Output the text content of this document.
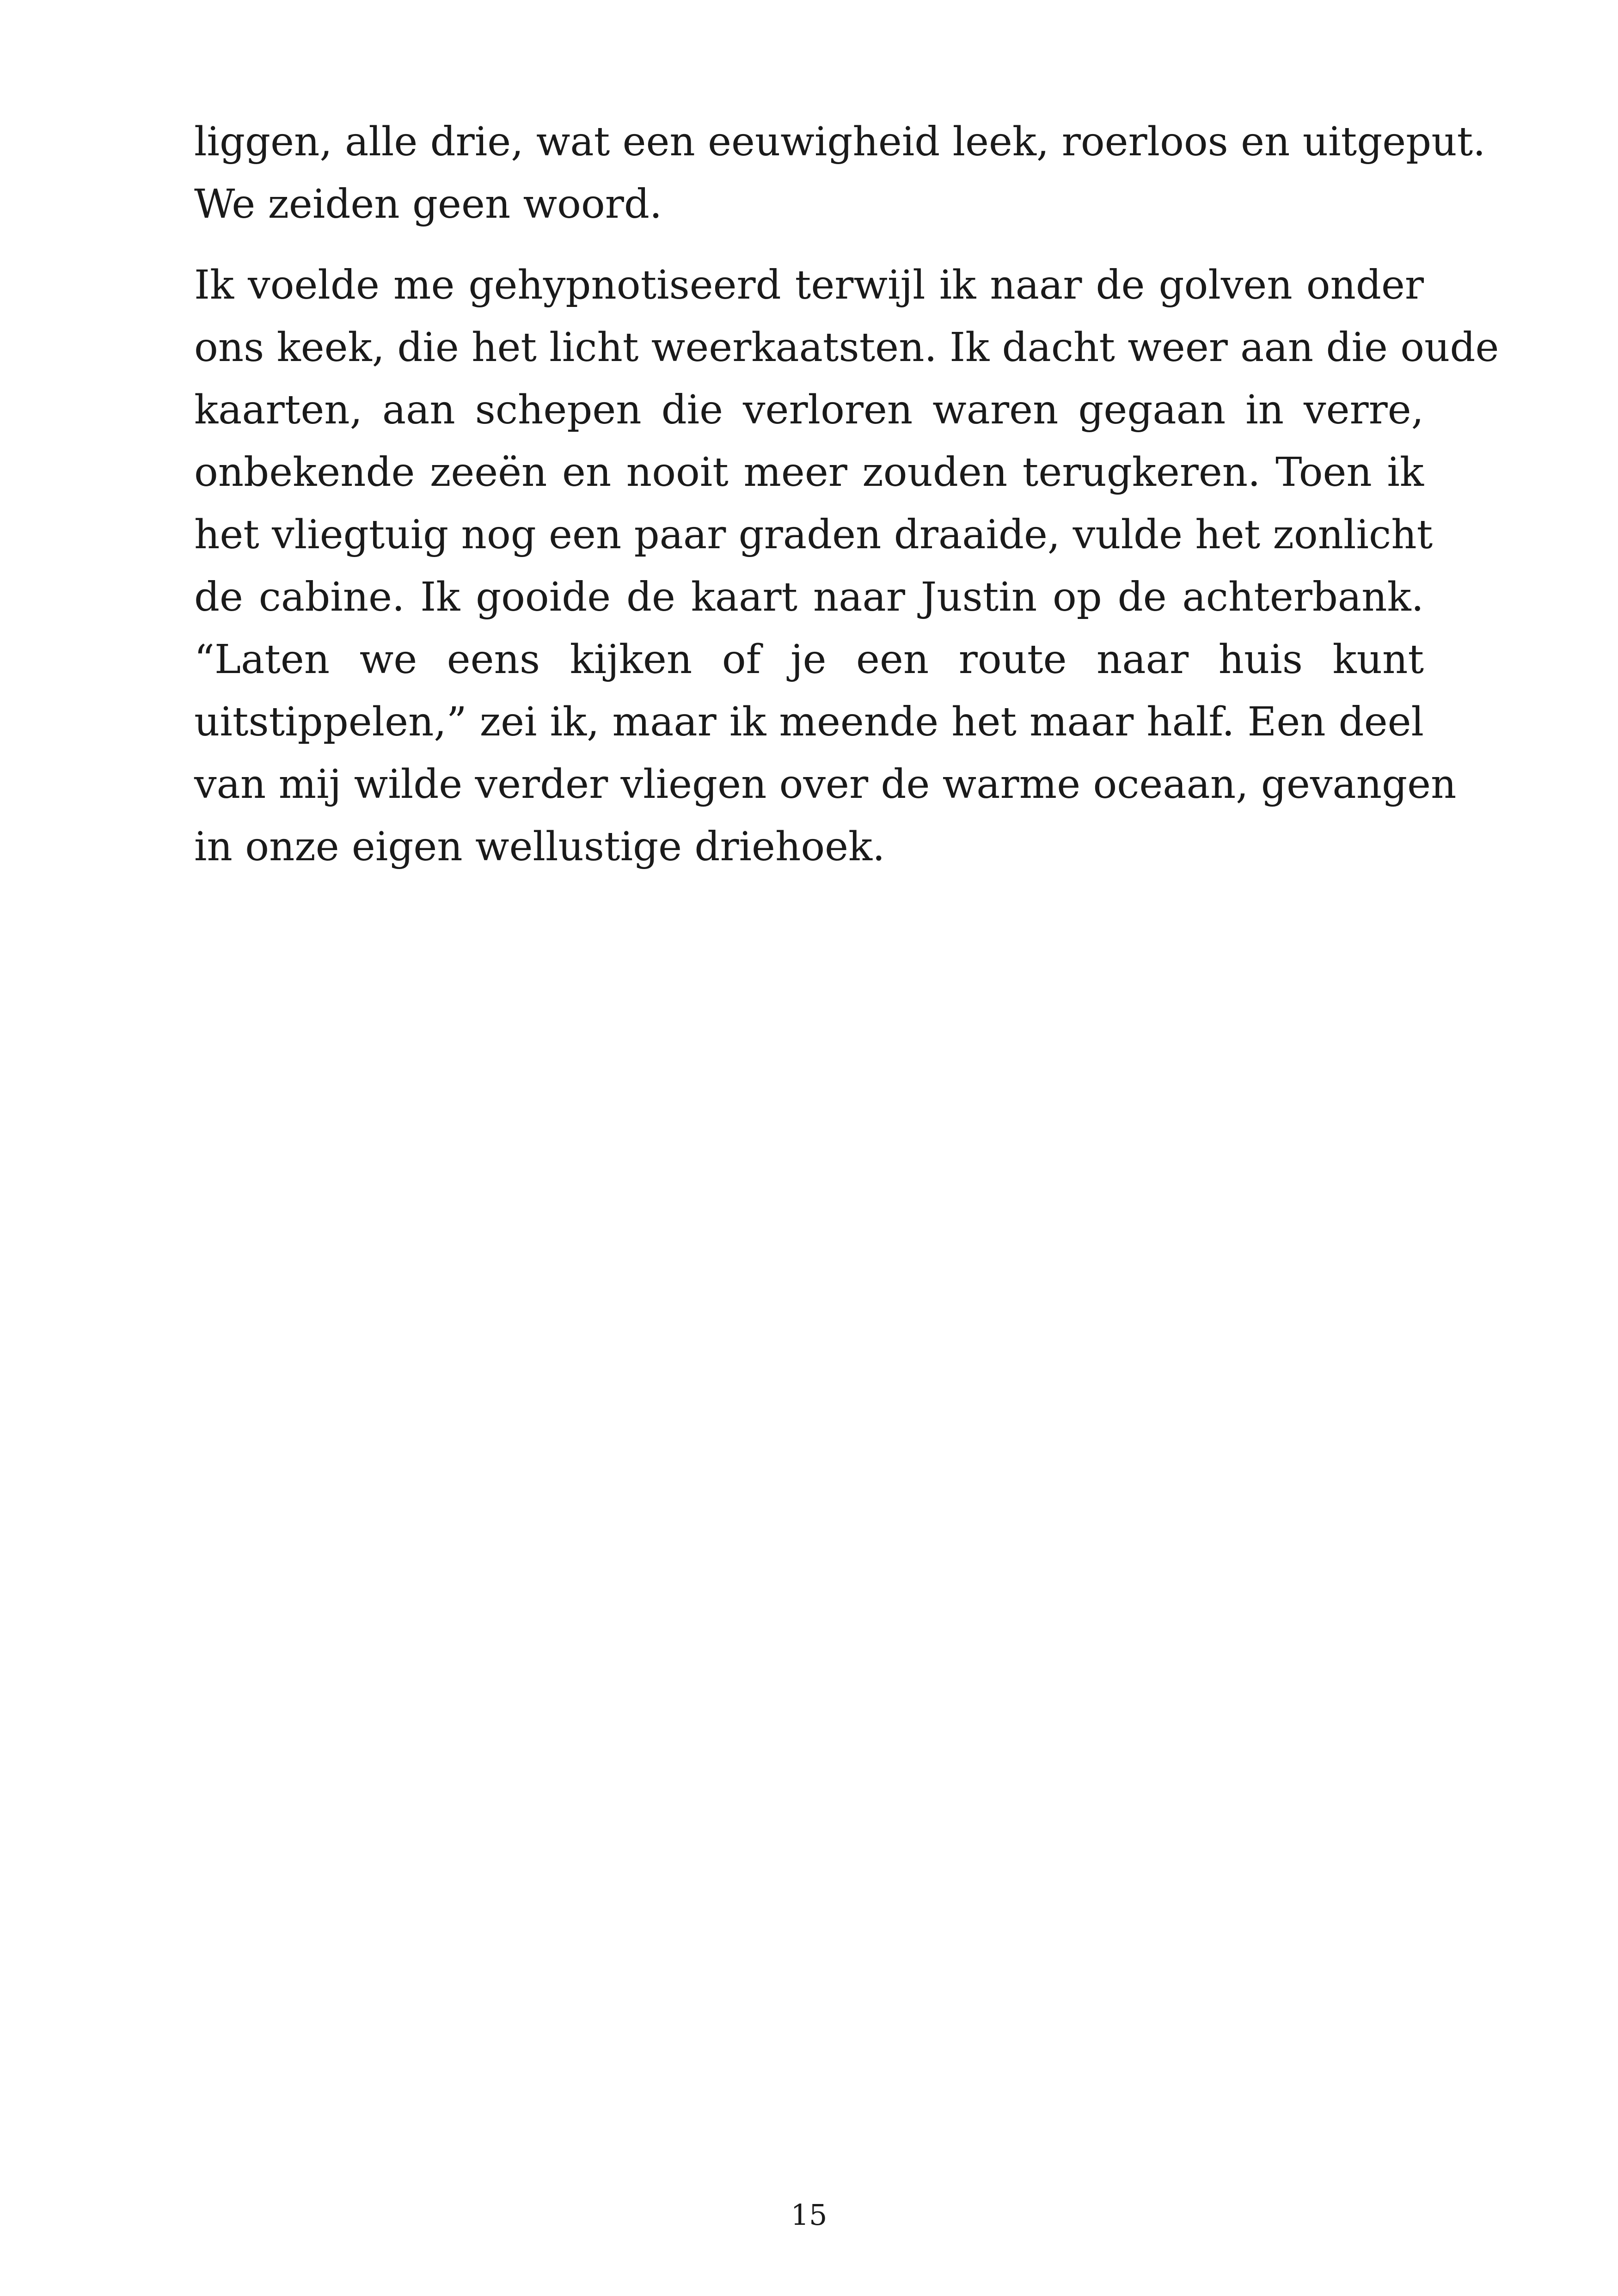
liggen, alle drie, wat een eeuwigheid leek, roerloos en uitgeput.
We zeiden geen woord.

Ik voelde me gehypnotiseerd terwijl ik naar de golven onder
ons keek, die het licht weerkaatsten. Ik dacht weer aan die oude
kaarten, aan schepen die verloren waren gegaan in verre,
onbekende zeeën en nooit meer zouden terugkeren. Toen ik
het vliegtuig nog een paar graden draaide, vulde het zonlicht
de cabine. Ik gooide de kaart naar Justin op de achterbank.
“Laten we eens kijken of je een route naar huis kunt
uitstippelen,” zei ik, maar ik meende het maar half. Een deel
van mij wilde verder vliegen over de warme oceaan, gevangen
in onze eigen wellustige driehoek.

15
